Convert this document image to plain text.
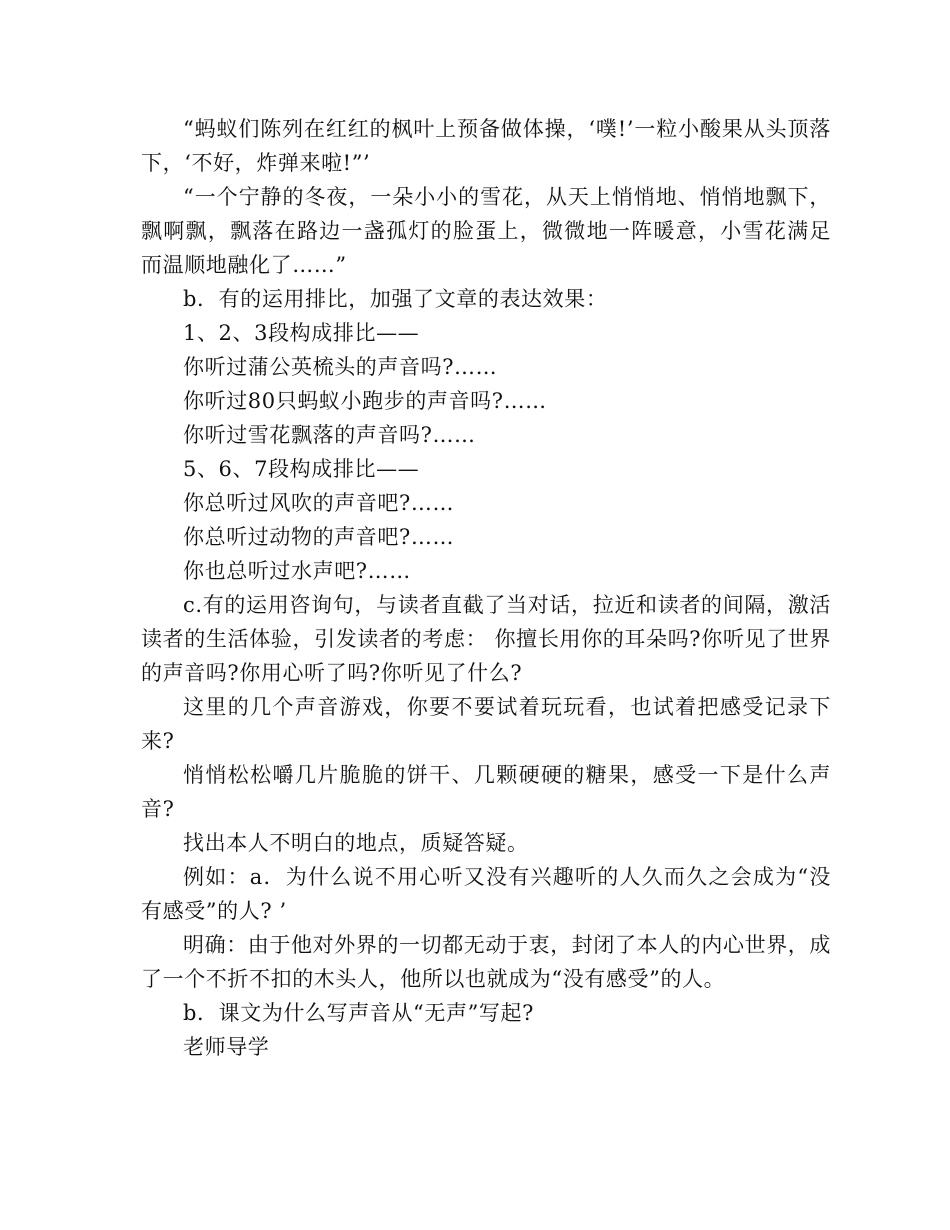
“蚂蚁们陈列在红红的枫叶上预备做体操，‘噗!’一粒小酸果从头顶落下，‘不好，炸弹来啦!”’

“一个宁静的冬夜，一朵小小的雪花，从天上悄悄地、悄悄地飘下，飘啊飘，飘落在路边一盏孤灯的脸蛋上，微微地一阵暖意，小雪花满足而温顺地融化了……”

b．有的运用排比，加强了文章的表达效果：

1、2、3段构成排比——

你听过蒲公英梳头的声音吗?……

你听过80只蚂蚁小跑步的声音吗?……

你听过雪花飘落的声音吗?……

5、6、7段构成排比——

你总听过风吹的声音吧?……

你总听过动物的声音吧?……

你也总听过水声吧?……

c.有的运用咨询句，与读者直截了当对话，拉近和读者的间隔，激活读者的生活体验，引发读者的考虑： 你擅长用你的耳朵吗?你听见了世界的声音吗?你用心听了吗?你听见了什么?

这里的几个声音游戏，你要不要试着玩玩看，也试着把感受记录下来?

悄悄松松嚼几片脆脆的饼干、几颗硬硬的糖果，感受一下是什么声音?

找出本人不明白的地点，质疑答疑。

例如：a．为什么说不用心听又没有兴趣听的人久而久之会成为“没有感受”的人? ’

明确：由于他对外界的一切都无动于衷，封闭了本人的内心世界，成了一个不折不扣的木头人，他所以也就成为“没有感受”的人。

b．课文为什么写声音从“无声”写起?

老师导学
